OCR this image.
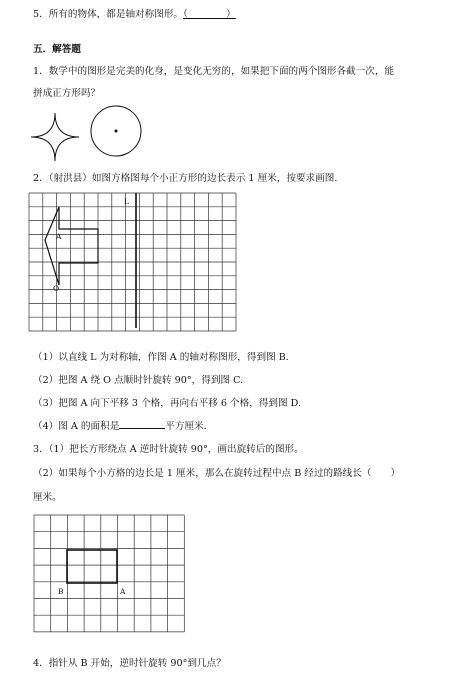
5．所有的物体，都是轴对称图形。（　　　　）
五．解答题
1．数学中的图形是完美的化身，是变化无穷的，如果把下面的两个图形各截一次，能
拼成正方形吗？
2．（射洪县）如图方格图每个小正方形的边长表示 1 厘米，按要求画图.
L
A
O
（1）以直线 L 为对称轴，作图 A 的轴对称图形，得到图 B.
（2）把图 A 绕 O 点顺时针旋转 90°，得到图 C.
（3）把图 A 向下平移 3 个格，再向右平移 6 个格，得到图 D.
（4）图 A 的面积是	平方厘米.
3．（1）把长方形绕点 A 逆时针旋转 90°，画出旋转后的图形。
（2）如果每个小方格的边长是 1 厘米，那么在旋转过程中点 B 经过的路线长（　　）
厘米。
B	A
4．指针从 B 开始，逆时针旋转 90°到几点？
